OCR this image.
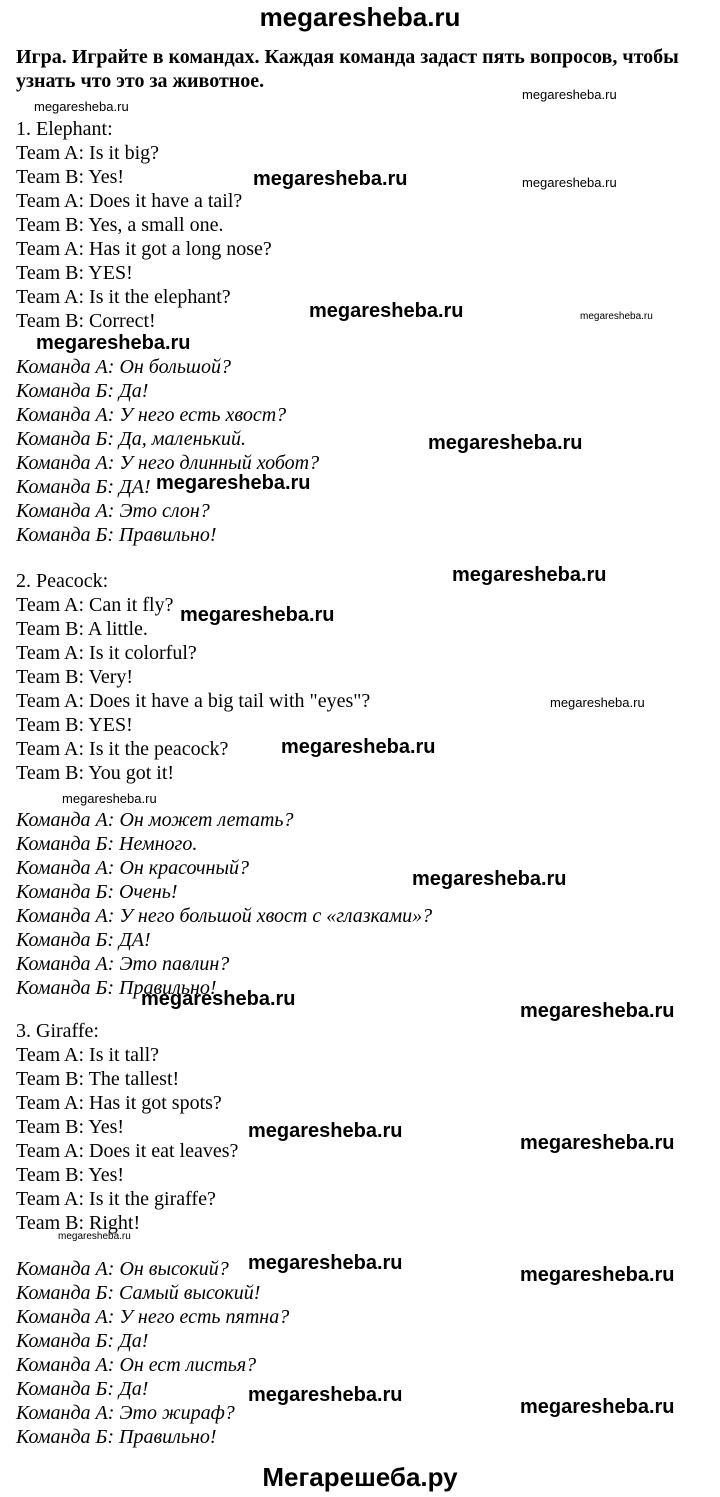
megaresheba.ru
Игра. Играйте в командах. Каждая команда задаст пять вопросов, чтобы
узнать что это за животное.
1. Elephant:
Team A: Is it big?
Team B: Yes!
Team A: Does it have a tail?
Team B: Yes, a small one.
Team A: Has it got a long nose?
Team B: YES!
Team A: Is it the elephant?
Team B: Correct!
Команда А: Он большой?
Команда Б: Да!
Команда А: У него есть хвост?
Команда Б: Да, маленький.
Команда А: У него длинный хобот?
Команда Б: ДА!
Команда А: Это слон?
Команда Б: Правильно!
2. Peacock:
Team A: Can it fly?
Team B: A little.
Team A: Is it colorful?
Team B: Very!
Team A: Does it have a big tail with "eyes"?
Team B: YES!
Team A: Is it the peacock?
Team B: You got it!
Команда А: Он может летать?
Команда Б: Немного.
Команда А: Он красочный?
Команда Б: Очень!
Команда А: У него большой хвост с «глазками»?
Команда Б: ДА!
Команда А: Это павлин?
Команда Б: Правильно!
3. Giraffe:
Team A: Is it tall?
Team B: The tallest!
Team A: Has it got spots?
Team B: Yes!
Team A: Does it eat leaves?
Team B: Yes!
Team A: Is it the giraffe?
Team B: Right!
Команда А: Он высокий?
Команда Б: Самый высокий!
Команда А: У него есть пятна?
Команда Б: Да!
Команда А: Он ест листья?
Команда Б: Да!
Команда А: Это жираф?
Команда Б: Правильно!
megaresheba.ru
megaresheba.ru
megaresheba.ru	megaresheba.ru
megaresheba.ru	megaresheba.ru
megaresheba.ru
megaresheba.ru
megaresheba.ru
megaresheba.ru
megaresheba.ru
megaresheba.ru
megaresheba.ru
megaresheba.ru
megaresheba.ru
megaresheba.ru
megaresheba.ru
megaresheba.ru
megaresheba.ru
megaresheba.ru
megaresheba.ru
megaresheba.ru
megaresheba.ru
megaresheba.ru
Мегарешеба.ру
